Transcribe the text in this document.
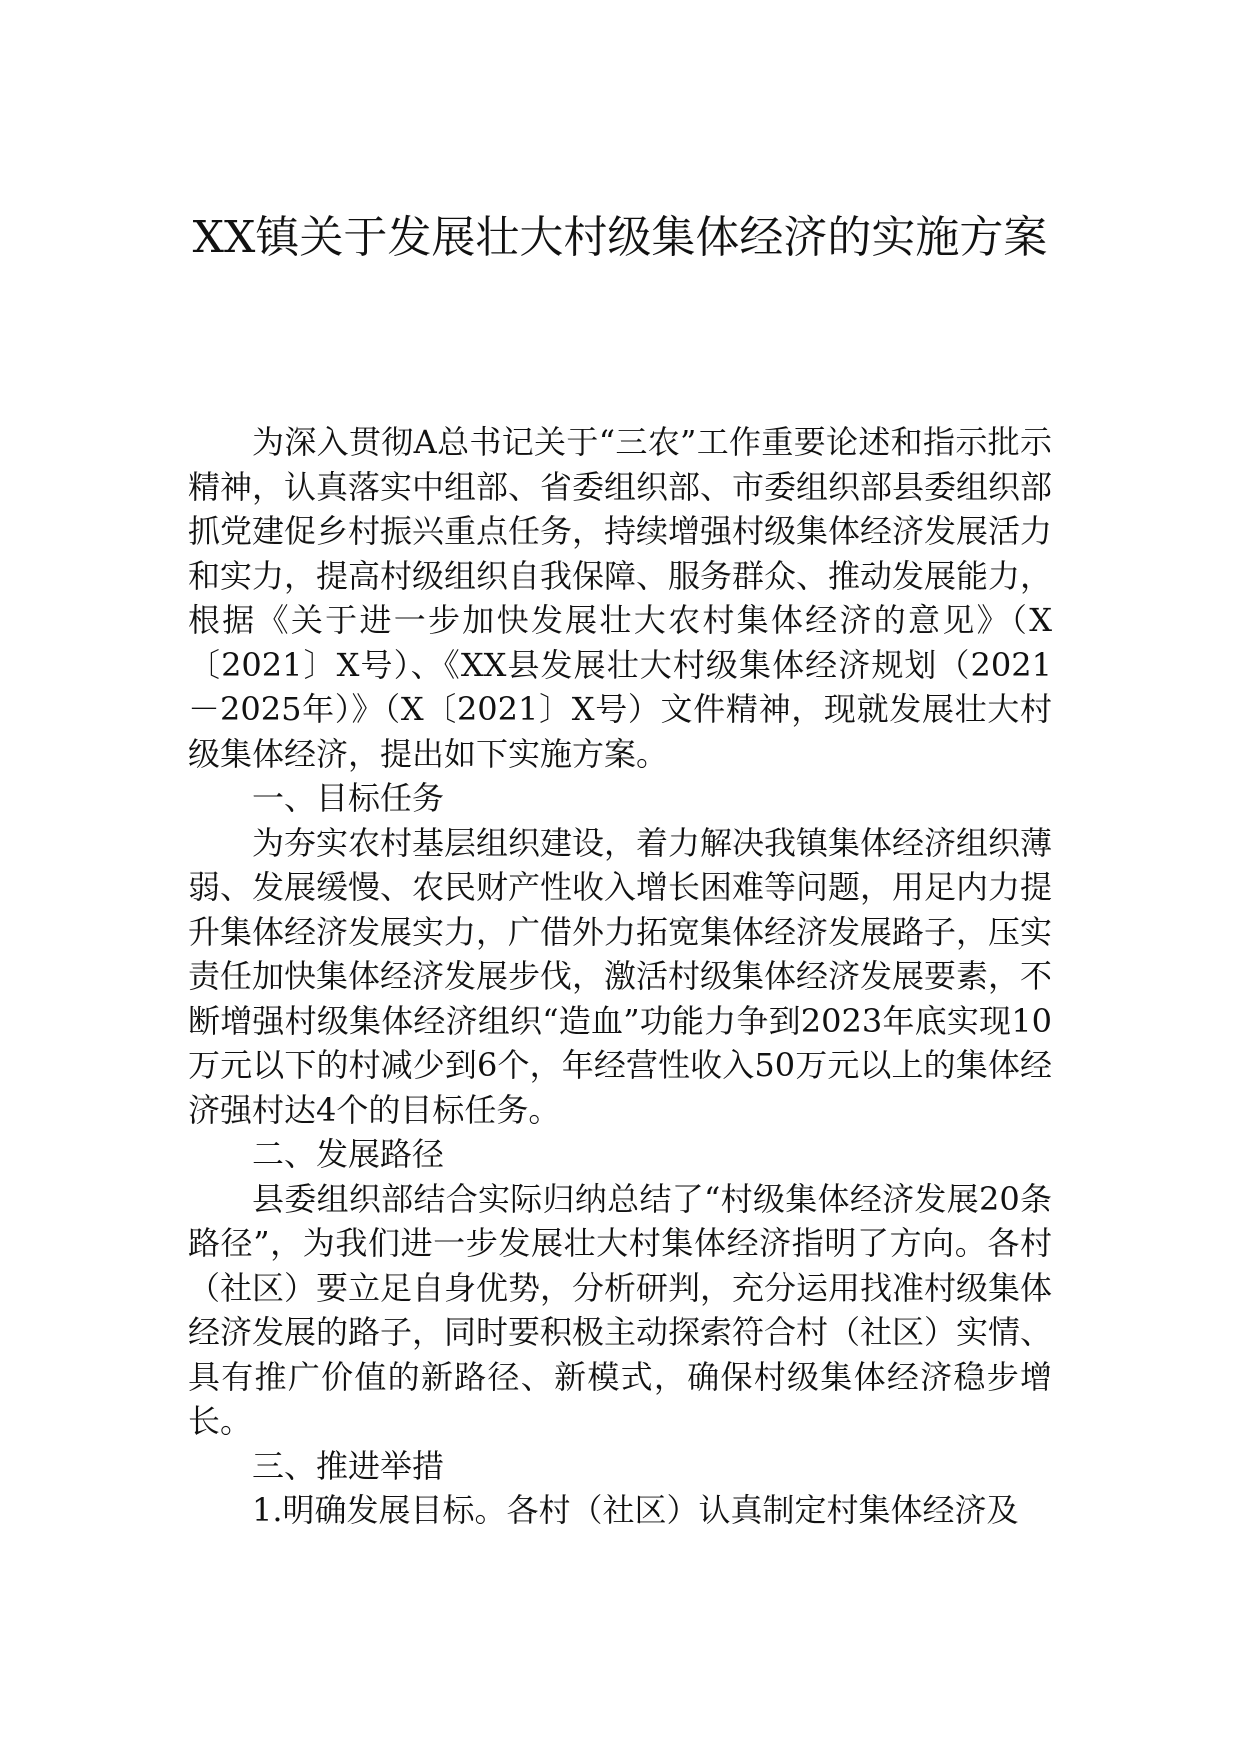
XX镇关于发展壮大村级集体经济的实施方案

为深入贯彻A总书记关于“三农”工作重要论述和指示批示精神，认真落实中组部、省委组织部、市委组织部县委组织部抓党建促乡村振兴重点任务，持续增强村级集体经济发展活力和实力，提高村级组织自我保障、服务群众、推动发展能力，根据《关于进一步加快发展壮大农村集体经济的意见》（X〔2021〕X号）、《XX县发展壮大村级集体经济规划（2021－2025年）》（X〔2021〕X号）文件精神，现就发展壮大村级集体经济，提出如下实施方案。

一、目标任务

为夯实农村基层组织建设，着力解决我镇集体经济组织薄弱、发展缓慢、农民财产性收入增长困难等问题，用足内力提升集体经济发展实力，广借外力拓宽集体经济发展路子，压实责任加快集体经济发展步伐，激活村级集体经济发展要素，不断增强村级集体经济组织“造血”功能力争到2023年底实现10万元以下的村减少到6个，年经营性收入50万元以上的集体经济强村达4个的目标任务。

二、发展路径

县委组织部结合实际归纳总结了“村级集体经济发展20条路径”，为我们进一步发展壮大村集体经济指明了方向。各村（社区）要立足自身优势，分析研判，充分运用找准村级集体经济发展的路子，同时要积极主动探索符合村（社区）实情、具有推广价值的新路径、新模式，确保村级集体经济稳步增长。

三、推进举措

1.明确发展目标。各村（社区）认真制定村集体经济及
